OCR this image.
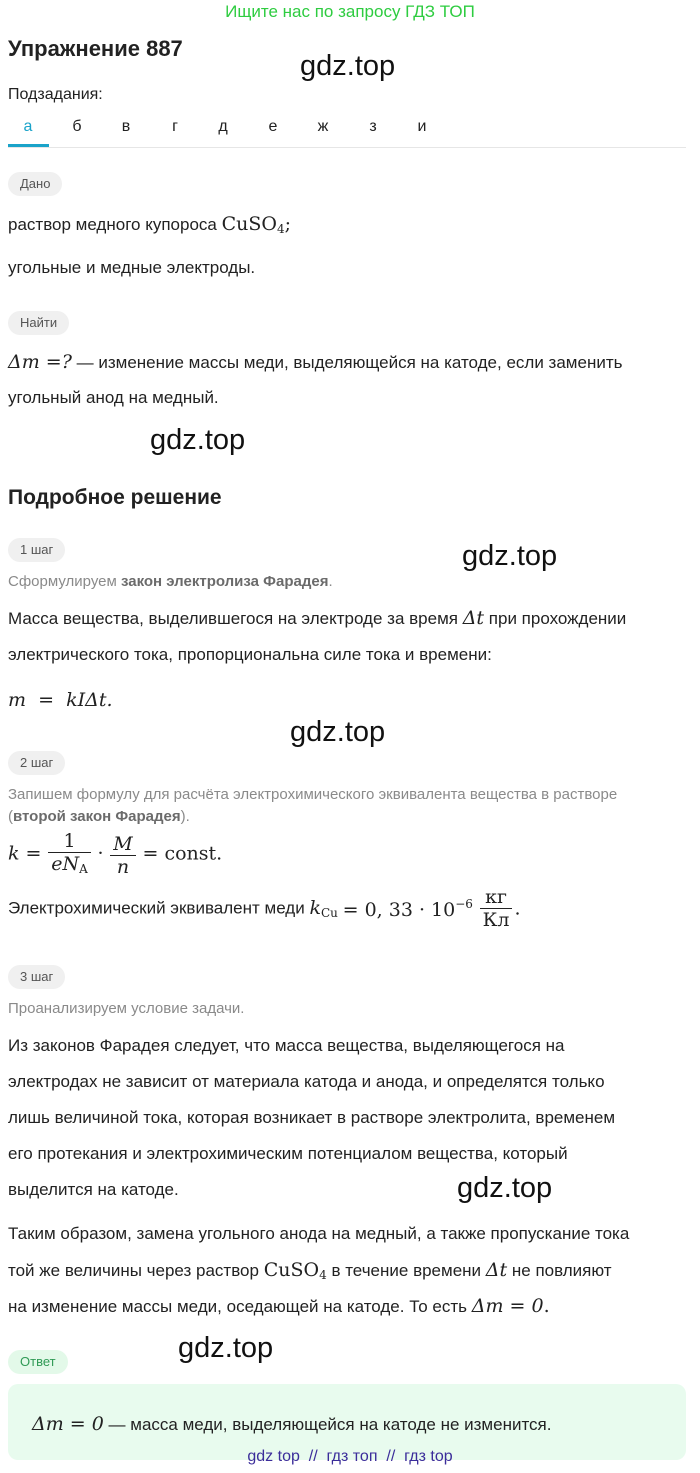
Ищите нас по запросу ГДЗ ТОП
Упражнение 887
gdz.top
Подзадания:
а	б	в	г	д	е	ж	з	и
Дано
раствор медного купороса CuSO$_4$;
угольные и медные электроды.
Найти
Δm =? — изменение массы меди, выделяющейся на катоде, если заменить
угольный анод на медный.
gdz.top
Подробное решение
1 шаг	gdz.top
Сформулируем закон электролиза Фарадея.
Масса вещества, выделившегося на электроде за время Δt при прохождении
электрического тока, пропорциональна силе тока и времени:
m  =  kIΔt.
gdz.top
2 шаг
Запишем формулу для расчёта электрохимического эквивалента вещества в растворе
(второй закон Фарадея).
$k = \frac{1}{eN_A} \cdot \frac{M}{n}$ = const.
Электрохимический эквивалент меди $k_{Cu} = 0$, $33 \cdot 10^{-6} \frac{кг}{Кл}$ .
3 шаг
Проанализируем условие задачи.
Из законов Фарадея следует, что масса вещества, выделяющегося на
электродах не зависит от материала катода и анода, и определятся только
лишь величиной тока, которая возникает в растворе электролита, временем
его протекания и электрохимическим потенциалом вещества, который
выделится на катоде.	gdz.top
Таким образом, замена угольного анода на медный, а также пропускание тока
той же величины через раствор CuSO$_4$ в течение времени Δt не повлияют
на изменение массы меди, оседающей на катоде. То есть Δm = 0.
Ответ	gdz.top
Δm = 0 — масса меди, выделяющейся на катоде не изменится.
gdz top  //  гдз топ  //  гдз top
